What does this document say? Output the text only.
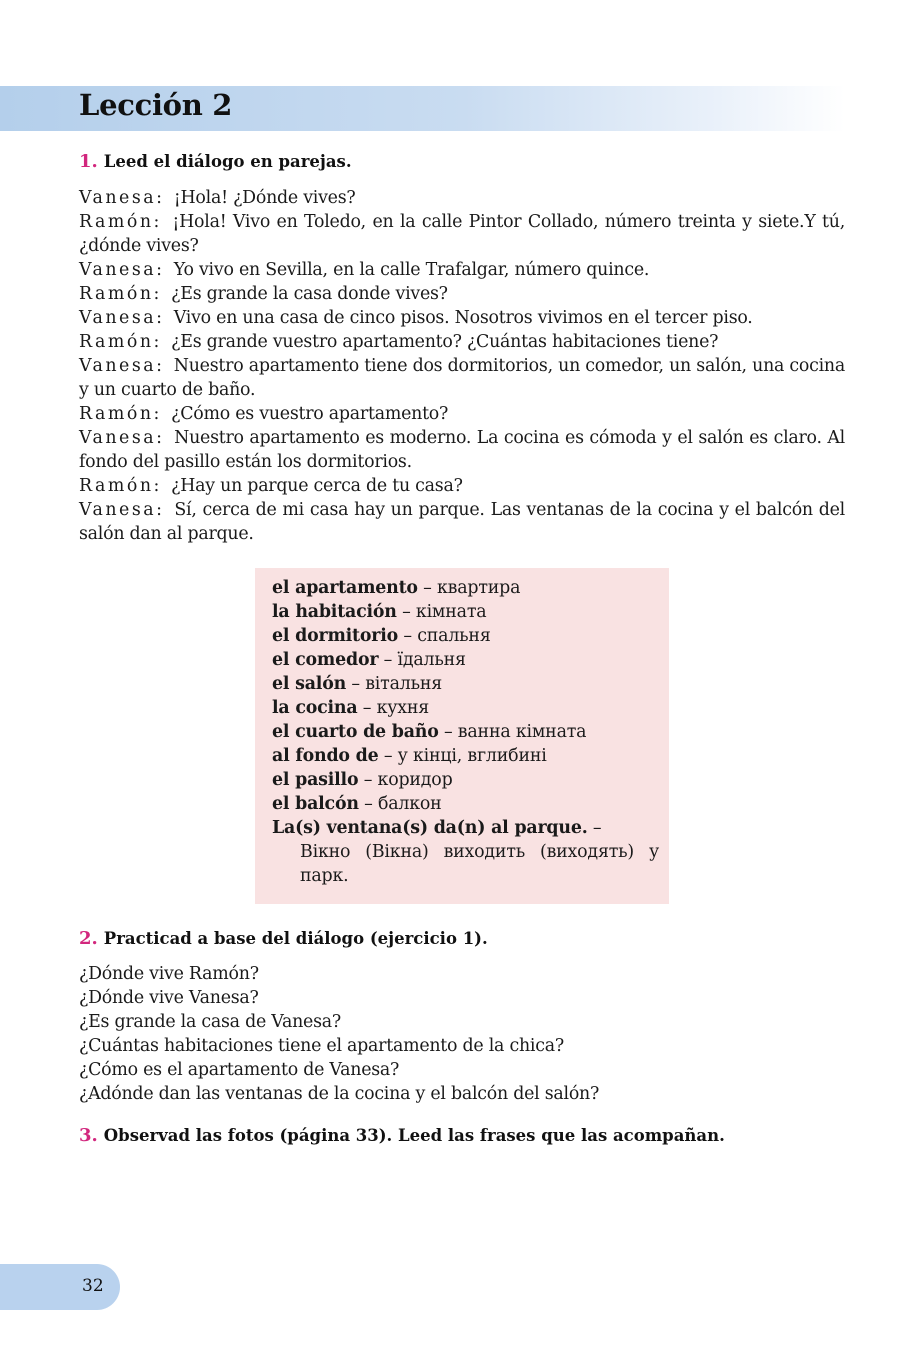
Lección 2
1. Leed el diálogo en parejas.
Vanesa: ¡Hola! ¿Dónde vives?
Ramón: ¡Hola! Vivo en Toledo, en la calle Pintor Collado, número treinta y siete.Y tú, ¿dónde vives?
Vanesa: Yo vivo en Sevilla, en la calle Trafalgar, número quince.
Ramón: ¿Es grande la casa donde vives?
Vanesa: Vivo en una casa de cinco pisos. Nosotros vivimos en el tercer piso.
Ramón: ¿Es grande vuestro apartamento? ¿Cuántas habitaciones tiene?
Vanesa: Nuestro apartamento tiene dos dormitorios, un comedor, un salón, una cocina y un cuarto de baño.
Ramón: ¿Cómo es vuestro apartamento?
Vanesa: Nuestro apartamento es moderno. La cocina es cómoda y el salón es claro. Al fondo del pasillo están los dormitorios.
Ramón: ¿Hay un parque cerca de tu casa?
Vanesa: Sí, cerca de mi casa hay un parque. Las ventanas de la cocina y el balcón del salón dan al parque.
el apartamento – квартира
la habitación – кімната
el dormitorio – спальня
el comedor – їдальня
el salón – вітальня
la cocina – кухня
el cuarto de baño – ванна кімната
al fondo de – у кінці, вглибині
el pasillo – коридор
el balcón – балкон
La(s) ventana(s) da(n) al parque. –
Вікно (Вікна) виходить (виходять) у парк.
2. Practicad a base del diálogo (ejercicio 1).
¿Dónde vive Ramón?
¿Dónde vive Vanesa?
¿Es grande la casa de Vanesa?
¿Cuántas habitaciones tiene el apartamento de la chica?
¿Cómo es el apartamento de Vanesa?
¿Adónde dan las ventanas de la cocina y el balcón del salón?
3. Observad las fotos (página 33). Leed las frases que las acompañan.
32
